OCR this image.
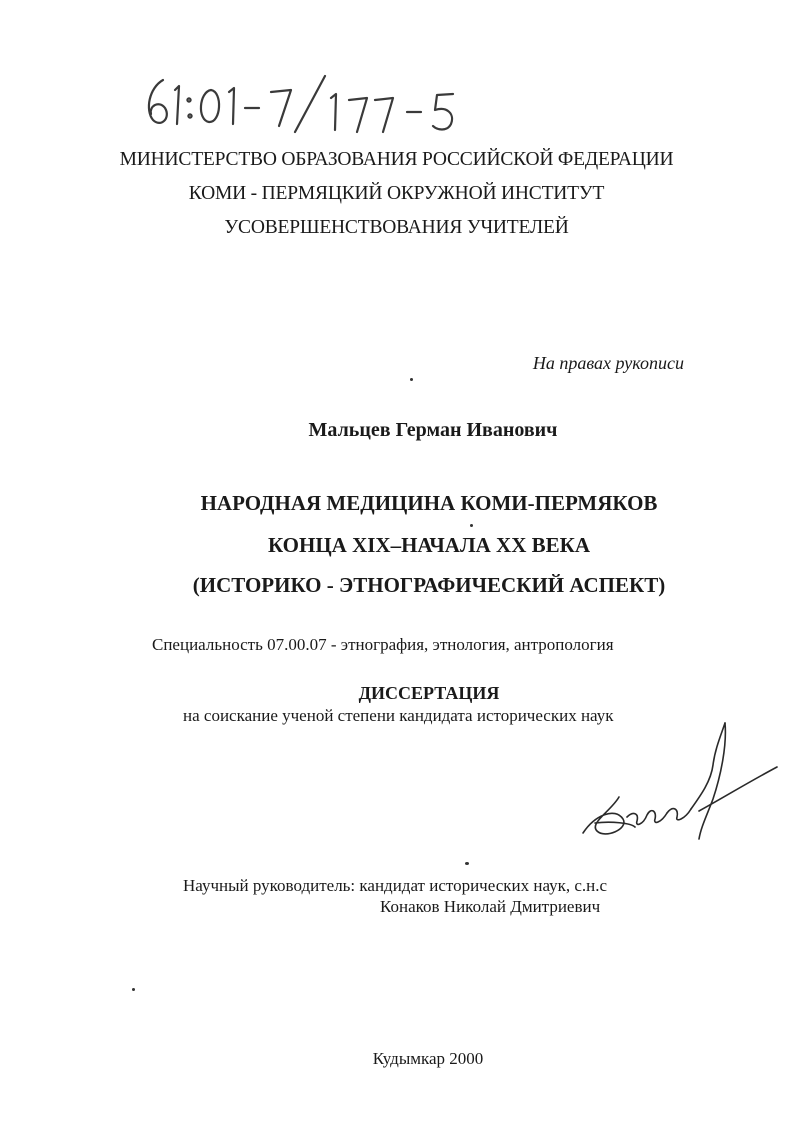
МИНИСТЕРСТВО ОБРАЗОВАНИЯ РОССИЙСКОЙ ФЕДЕРАЦИИ
КОМИ - ПЕРМЯЦКИЙ ОКРУЖНОЙ ИНСТИТУТ
УСОВЕРШЕНСТВОВАНИЯ УЧИТЕЛЕЙ
На правах рукописи
Мальцев Герман Иванович
НАРОДНАЯ МЕДИЦИНА КОМИ-ПЕРМЯКОВ
КОНЦА XIX–НАЧАЛА XX ВЕКА
(ИСТОРИКО - ЭТНОГРАФИЧЕСКИЙ АСПЕКТ)
Специальность 07.00.07 - этнография, этнология, антропология
ДИССЕРТАЦИЯ
на соискание ученой степени кандидата исторических наук
Научный руководитель: кандидат исторических наук, с.н.с
Конаков Николай Дмитриевич
Кудымкар 2000
